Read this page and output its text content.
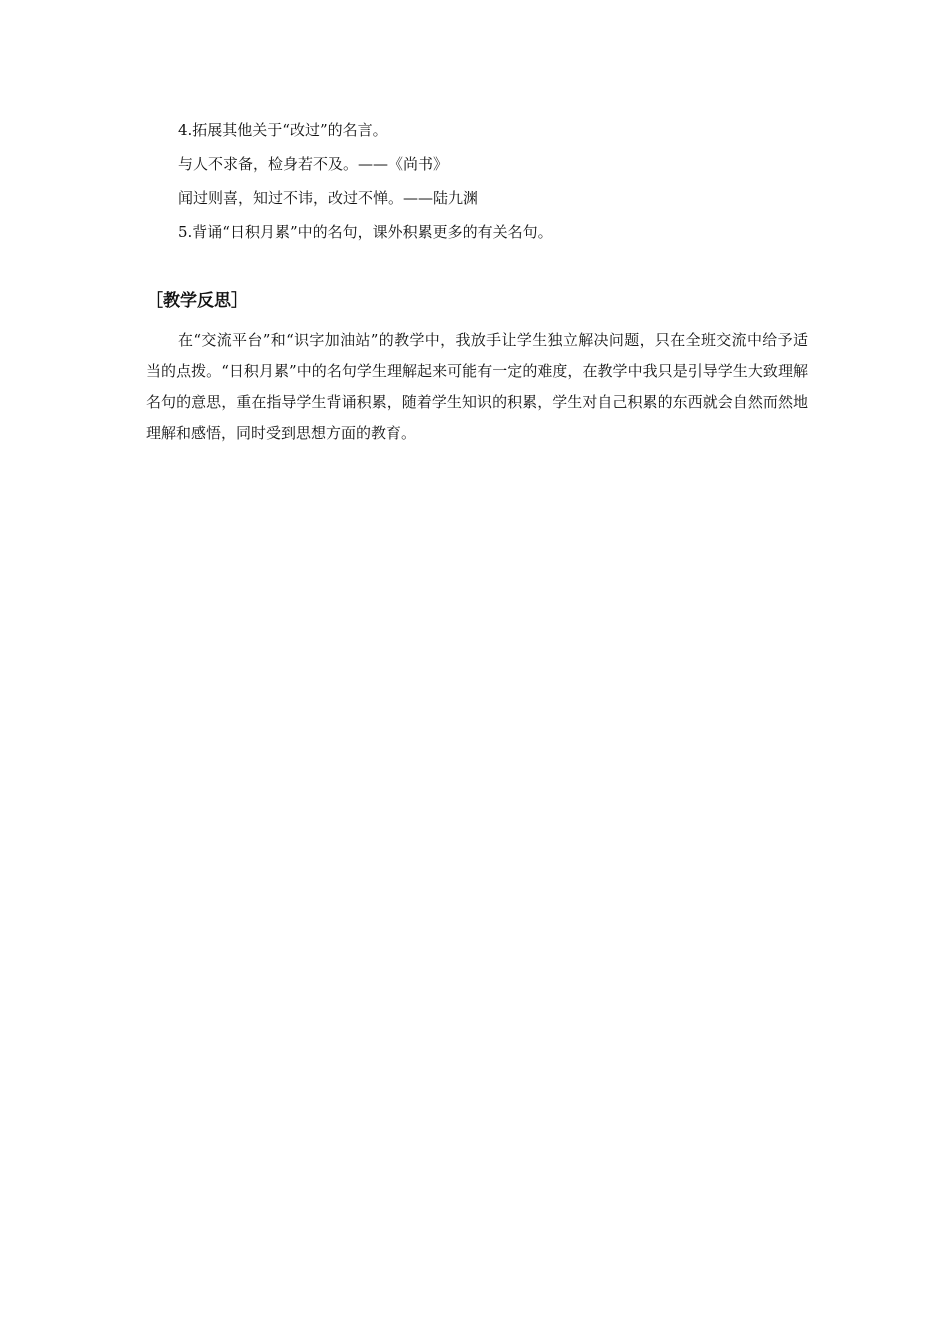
4.拓展其他关于“改过”的名言。
与人不求备，检身若不及。——《尚书》
闻过则喜，知过不讳，改过不惮。——陆九渊
5.背诵“日积月累”中的名句，课外积累更多的有关名句。
［教学反思］
在“交流平台”和“识字加油站”的教学中，我放手让学生独立解决问题，只在全班交流中给予适当的点拨。“日积月累”中的名句学生理解起来可能有一定的难度，在教学中我只是引导学生大致理解名句的意思，重在指导学生背诵积累，随着学生知识的积累，学生对自己积累的东西就会自然而然地理解和感悟，同时受到思想方面的教育。
